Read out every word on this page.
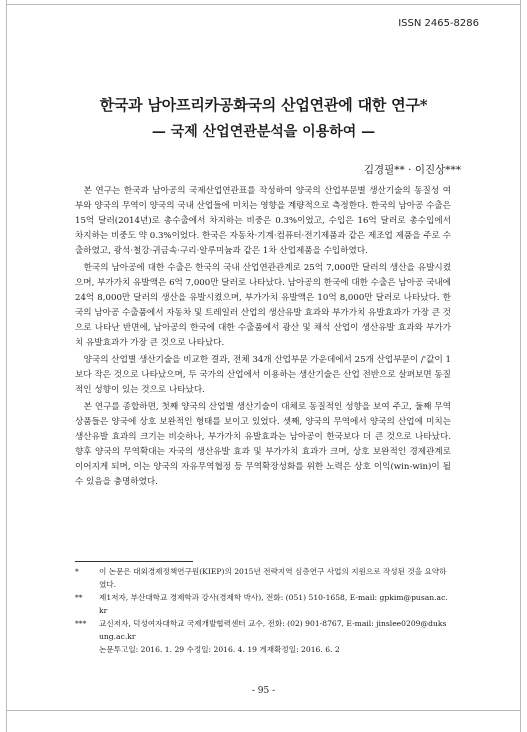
ISSN 2465-8286
한국과 남아프리카공화국의 산업연관에 대한 연구*
— 국제 산업연관분석을 이용하여 —
김경필** · 이진상***

본 연구는 한국과 남아공의 국제산업연관표를 작성하여 양국의 산업부문별 생산기술의 동질성 여부와 양국의 무역이 양국의 국내 산업들에 미치는 영향을 계량적으로 측정한다. 한국의 남아공 수출은 15억 달러(2014년)로 총수출에서 차지하는 비중은 0.3%이었고, 수입은 16억 달러로 총수입에서 차지하는 비중도 약 0.3%이었다. 한국은 자동차·기계·컴퓨터·전기제품과 같은 제조업 제품을 주로 수출하였고, 광석·철강·귀금속·구리·알루미늄과 같은 1차 산업제품을 수입하였다.

한국의 남아공에 대한 수출은 한국의 국내 산업연관관계로 25억 7,000만 달러의 생산을 유발시켰으며, 부가가치 유발액은 6억 7,000만 달러로 나타났다. 남아공의 한국에 대한 수출은 남아공 국내에 24억 8,000만 달러의 생산을 유발시켰으며, 부가가치 유발액은 10억 8,000만 달러로 나타났다. 한국의 남아공 수출품에서 자동차 및 트레일러 산업의 생산유발 효과와 부가가치 유발효과가 가장 큰 것으로 나타난 반면에, 남아공의 한국에 대한 수출품에서 광산 및 채석 산업이 생산유발 효과와 부가가치 유발효과가 가장 큰 것으로 나타났다.

양국의 산업별 생산기술을 비교한 결과, 전체 34개 산업부문 가운데에서 25개 산업부문이 /'값이 1보다 작은 것으로 나타났으며, 두 국가의 산업에서 이용하는 생산기술은 산업 전반으로 살펴보면 동질적인 성향이 있는 것으로 나타났다.

본 연구를 종합하면, 첫째 양국의 산업별 생산기술이 대체로 동질적인 성향을 보여 주고, 둘째 무역상품들은 양국에 상호 보완적인 형태를 보이고 있었다. 셋째, 양국의 무역에서 양국의 산업에 미치는 생산유발 효과의 크기는 비슷하나, 부가가치 유발효과는 남아공이 한국보다 더 큰 것으로 나타났다. 향후 양국의 무역확대는 자국의 생산유발 효과 및 부가가치 효과가 크며, 상호 보완적인 경제관계로 이어지게 되며, 이는 양국의 자유무역협정 등 무역확장성화를 위한 노력은 상호 이익(win-win)이 될 수 있음을 충명하였다.

*	이 논문은 대외경제정책연구원(KIEP)의 2015년 전략지역 심층연구 사업의 지원으로 작성된 것을 요약하였다.

**	제1저자, 부산대학교 경제학과 강사(경제학 박사), 전화: (051) 510-1658, E-mail: gpkim@pusan.ac.kr

***	교신저자, 덕성여자대학교 국제개발협력센터 교수, 전화: (02) 901-8767, E-mail: jinslee0209@duksung.ac.kr

논문투고일: 2016. 1. 29 수정일: 2016. 4. 19 게재확정일: 2016. 6. 2

- 95 -
